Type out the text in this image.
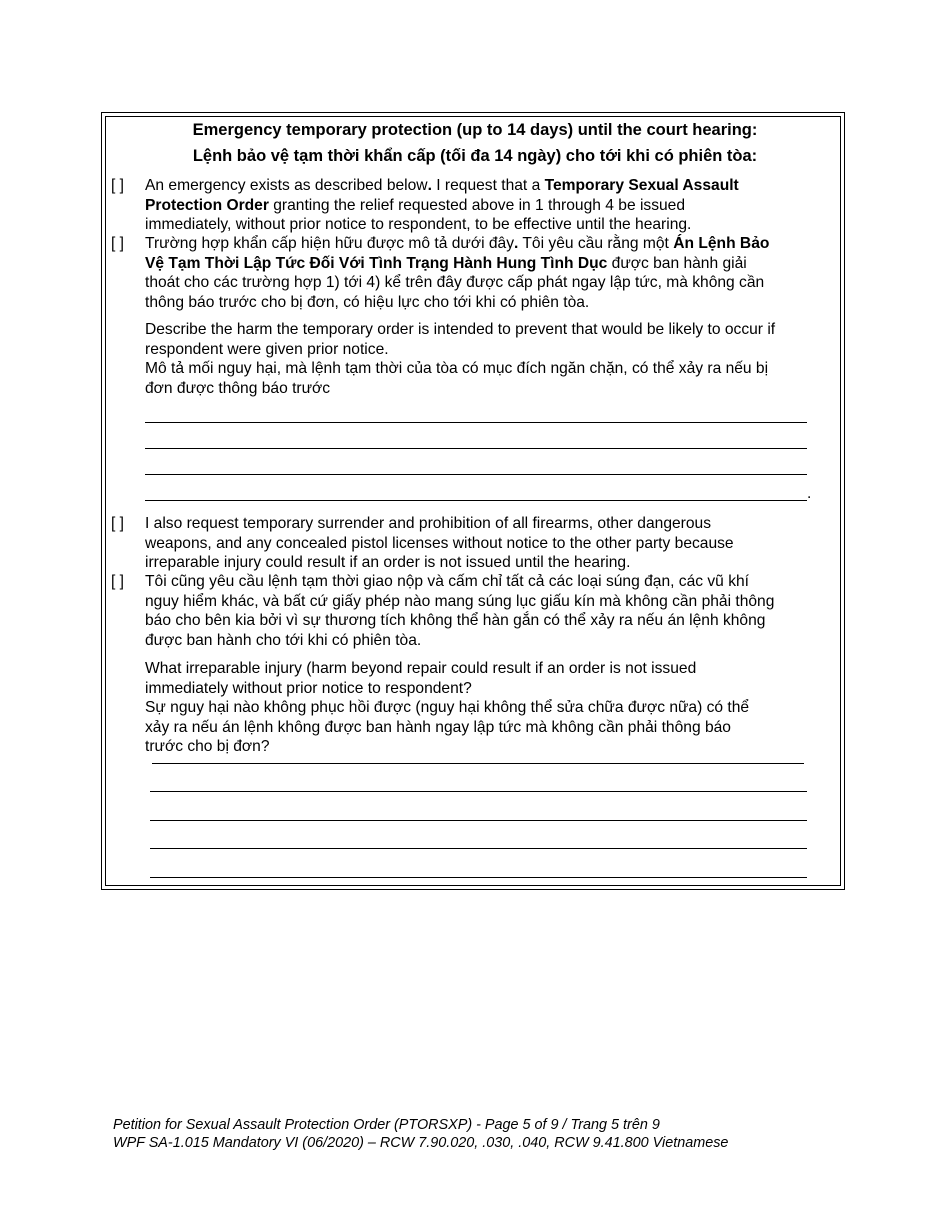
Emergency temporary protection (up to 14 days) until the court hearing:
Lệnh bảo vệ tạm thời khẩn cấp (tối đa 14 ngày) cho tới khi có phiên tòa:
[ ] An emergency exists as described below. I request that a Temporary Sexual Assault
Protection Order granting the relief requested above in 1 through 4 be issued
immediately, without prior notice to respondent, to be effective until the hearing.
[ ] Trường hợp khẩn cấp hiện hữu được mô tả dưới đây. Tôi yêu cầu rằng một Án Lệnh Bảo
Vệ Tạm Thời Lập Tức Đối Với Tình Trạng Hành Hung Tình Dục được ban hành giải
thoát cho các trường hợp 1) tới 4) kể trên đây được cấp phát ngay lập tức, mà không cần
thông báo trước cho bị đơn, có hiệu lực cho tới khi có phiên tòa.
Describe the harm the temporary order is intended to prevent that would be likely to occur if
respondent were given prior notice.
Mô tả mối nguy hại, mà lệnh tạm thời của tòa có mục đích ngăn chặn, có thể xảy ra nếu bị
đơn được thông báo trước
.
[ ] I also request temporary surrender and prohibition of all firearms, other dangerous
weapons, and any concealed pistol licenses without notice to the other party because
irreparable injury could result if an order is not issued until the hearing.
[ ] Tôi cũng yêu cầu lệnh tạm thời giao nộp và cấm chỉ tất cả các loại súng đạn, các vũ khí
nguy hiểm khác, và bất cứ giấy phép nào mang súng lục giấu kín mà không cần phải thông
báo cho bên kia bởi vì sự thương tích không thể hàn gắn có thể xảy ra nếu án lệnh không
được ban hành cho tới khi có phiên tòa.
What irreparable injury (harm beyond repair could result if an order is not issued
immediately without prior notice to respondent?
Sự nguy hại nào không phục hồi được (nguy hại không thể sửa chữa được nữa) có thể
xảy ra nếu án lệnh không được ban hành ngay lập tức mà không cần phải thông báo
trước cho bị đơn?
Petition for Sexual Assault Protection Order (PTORSXP) - Page 5 of 9 / Trang 5 trên 9
WPF SA-1.015 Mandatory VI (06/2020) – RCW 7.90.020, .030, .040, RCW 9.41.800 Vietnamese
